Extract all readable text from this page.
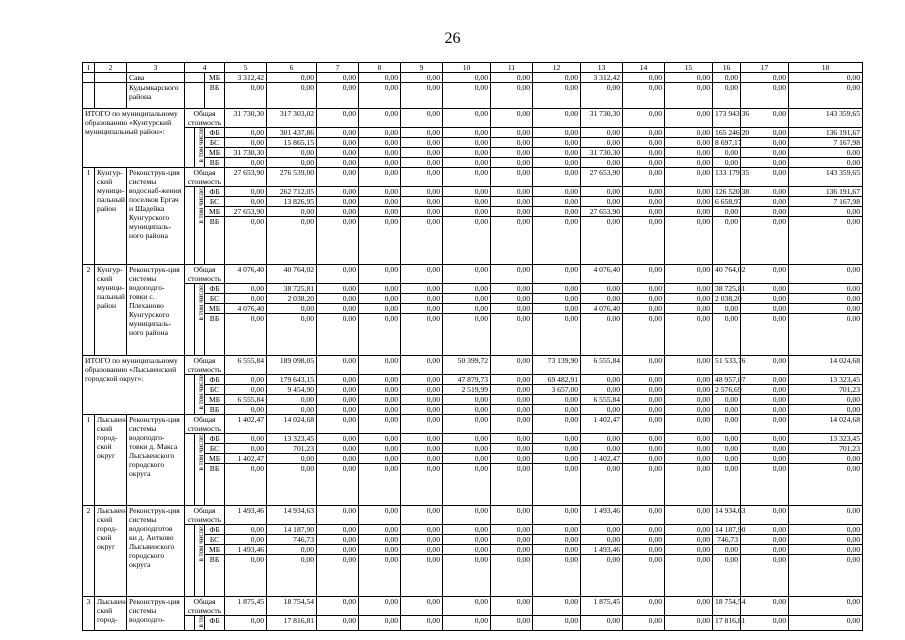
26
1	2	3	4			5	6	7	8	9	10	11	12	13	14	15	16	17	18
		Сава			МБ	3 312,42	0,00	0,00	0,00	0,00	0,00	0,00	0,00	3 312,42	0,00	0,00	0,00	0,00	0,00
		Кудымкарского района			ВБ	0,00	0,00	0,00	0,00	0,00	0,00	0,00	0,00	0,00	0,00	0,00	0,00	0,00	0,00
ИТОГО по муниципальному образованию «Кунгурский муниципальный район»:			Общая стоимость			31 730,30	317 303,02	0,00	0,00	0,00	0,00	0,00	0,00	31 730,30	0,00	0,00	173 943,36	0,00	143 359,65
				в том числе	ФБ	0,00	301 437,86	0,00	0,00	0,00	0,00	0,00	0,00	0,00	0,00	0,00	165 246,20	0,00	136 191,67
					БС	0,00	15 865,15	0,00	0,00	0,00	0,00	0,00	0,00	0,00	0,00	0,00	8 697,17	0,00	7 167,98
					МБ	31 730,30	0,00	0,00	0,00	0,00	0,00	0,00	0,00	31 730,30	0,00	0,00	0,00	0,00	0,00
					ВБ	0,00	0,00	0,00	0,00	0,00	0,00	0,00	0,00	0,00	0,00	0,00	0,00	0,00	0,00
1	Кунгур-ский муници-пальный район	Реконструк-ция системы водоснаб-жения поселков Ергач и Шадейка Кунгурского муниципаль-ного района	Общая стоимость			27 653,90	276 539,00	0,00	0,00	0,00	0,00	0,00	0,00	27 653,90	0,00	0,00	133 179,35	0,00	143 359,65
				в том числе:	ФБ	0,00	262 712,05	0,00	0,00	0,00	0,00	0,00	0,00	0,00	0,00	0,00	126 520,38	0,00	136 191,67
					БС	0,00	13 826,95	0,00	0,00	0,00	0,00	0,00	0,00	0,00	0,00	0,00	6 658,97	0,00	7 167,98
					МБ	27 653,90	0,00	0,00	0,00	0,00	0,00	0,00	0,00	27 653,90	0,00	0,00	0,00	0,00	0,00
					ВБ	0,00	0,00	0,00	0,00	0,00	0,00	0,00	0,00	0,00	0,00	0,00	0,00	0,00	0,00
2	Кунгур-ский муници-пальный район	Реконструк-ция системы водоподго-товки с. Плеханово Кунгурского муниципаль-ного района	Общая стоимость			4 076,40	40 764,02	0,00	0,00	0,00	0,00	0,00	0,00	4 076,40	0,00	0,00	40 764,02	0,00	0,00
				в том числе:	ФБ	0,00	38 725,81	0,00	0,00	0,00	0,00	0,00	0,00	0,00	0,00	0,00	38 725,81	0,00	0,00
					БС	0,00	2 038,20	0,00	0,00	0,00	0,00	0,00	0,00	0,00	0,00	0,00	2 038,20	0,00	0,00
					МБ	4 076,40	0,00	0,00	0,00	0,00	0,00	0,00	0,00	4 076,40	0,00	0,00	0,00	0,00	0,00
					ВБ	0,00	0,00	0,00	0,00	0,00	0,00	0,00	0,00	0,00	0,00	0,00	0,00	0,00	0,00
ИТОГО по муниципальному образованию «Лысьвенский городской округ»:			Общая стоимость			6 555,84	189 098,05	0,00	0,00	0,00	50 399,72	0,00	73 139,90	6 555,84	0,00	0,00	51 533,76	0,00	14 024,68
				в том числе	ФБ	0,00	179 643,15	0,00	0,00	0,00	47 879,73	0,00	69 482,91	0,00	0,00	0,00	48 957,07	0,00	13 323,45
					БС	0,00	9 454,90	0,00	0,00	0,00	2 519,99	0,00	3 657,00	0,00	0,00	0,00	2 576,69	0,00	701,23
					МБ	6 555,84	0,00	0,00	0,00	0,00	0,00	0,00	0,00	6 555,84	0,00	0,00	0,00	0,00	0,00
					ВБ	0,00	0,00	0,00	0,00	0,00	0,00	0,00	0,00	0,00	0,00	0,00	0,00	0,00	0,00
1	Лысьвен-ский город-ской округ	Реконструк-ция системы водоподго-товки д. Макса Лысьвенского городского округа	Общая стоимость			1 402,47	14 024,68	0,00	0,00	0,00	0,00	0,00	0,00	1 402,47	0,00	0,00	0,00	0,00	14 024,68
				в том числе:	ФБ	0,00	13 323,45	0,00	0,00	0,00	0,00	0,00	0,00	0,00	0,00	0,00	0,00	0,00	13 323,45
					БС	0,00	701,23	0,00	0,00	0,00	0,00	0,00	0,00	0,00	0,00	0,00	0,00	0,00	701,23
					МБ	1 402,47	0,00	0,00	0,00	0,00	0,00	0,00	0,00	1 402,47	0,00	0,00	0,00	0,00	0,00
					ВБ	0,00	0,00	0,00	0,00	0,00	0,00	0,00	0,00	0,00	0,00	0,00	0,00	0,00	0,00
2	Лысьвен-ский город-ской округ	Реконструк-ция системы водоподготов ки д. Аитково Лысьвенского городского округа	Общая стоимость			1 493,46	14 934,63	0,00	0,00	0,00	0,00	0,00	0,00	1 493,46	0,00	0,00	14 934,63	0,00	0,00
				в том числе:	ФБ	0,00	14 187,90	0,00	0,00	0,00	0,00	0,00	0,00	0,00	0,00	0,00	14 187,90	0,00	0,00
					БС	0,00	746,73	0,00	0,00	0,00	0,00	0,00	0,00	0,00	0,00	0,00	746,73	0,00	0,00
					МБ	1 493,46	0,00	0,00	0,00	0,00	0,00	0,00	0,00	1 493,46	0,00	0,00	0,00	0,00	0,00
					ВБ	0,00	0,00	0,00	0,00	0,00	0,00	0,00	0,00	0,00	0,00	0,00	0,00	0,00	0,00
3	Лысьвен-ский город-	Реконструк-ция системы водоподго-	Общая стоимость			1 875,45	18 754,54	0,00	0,00	0,00	0,00	0,00	0,00	1 875,45	0,00	0,00	18 754,54	0,00	0,00
				в то	ФБ	0,00	17 816,81	0,00	0,00	0,00	0,00	0,00	0,00	0,00	0,00	0,00	17 816,81	0,00	0,00
